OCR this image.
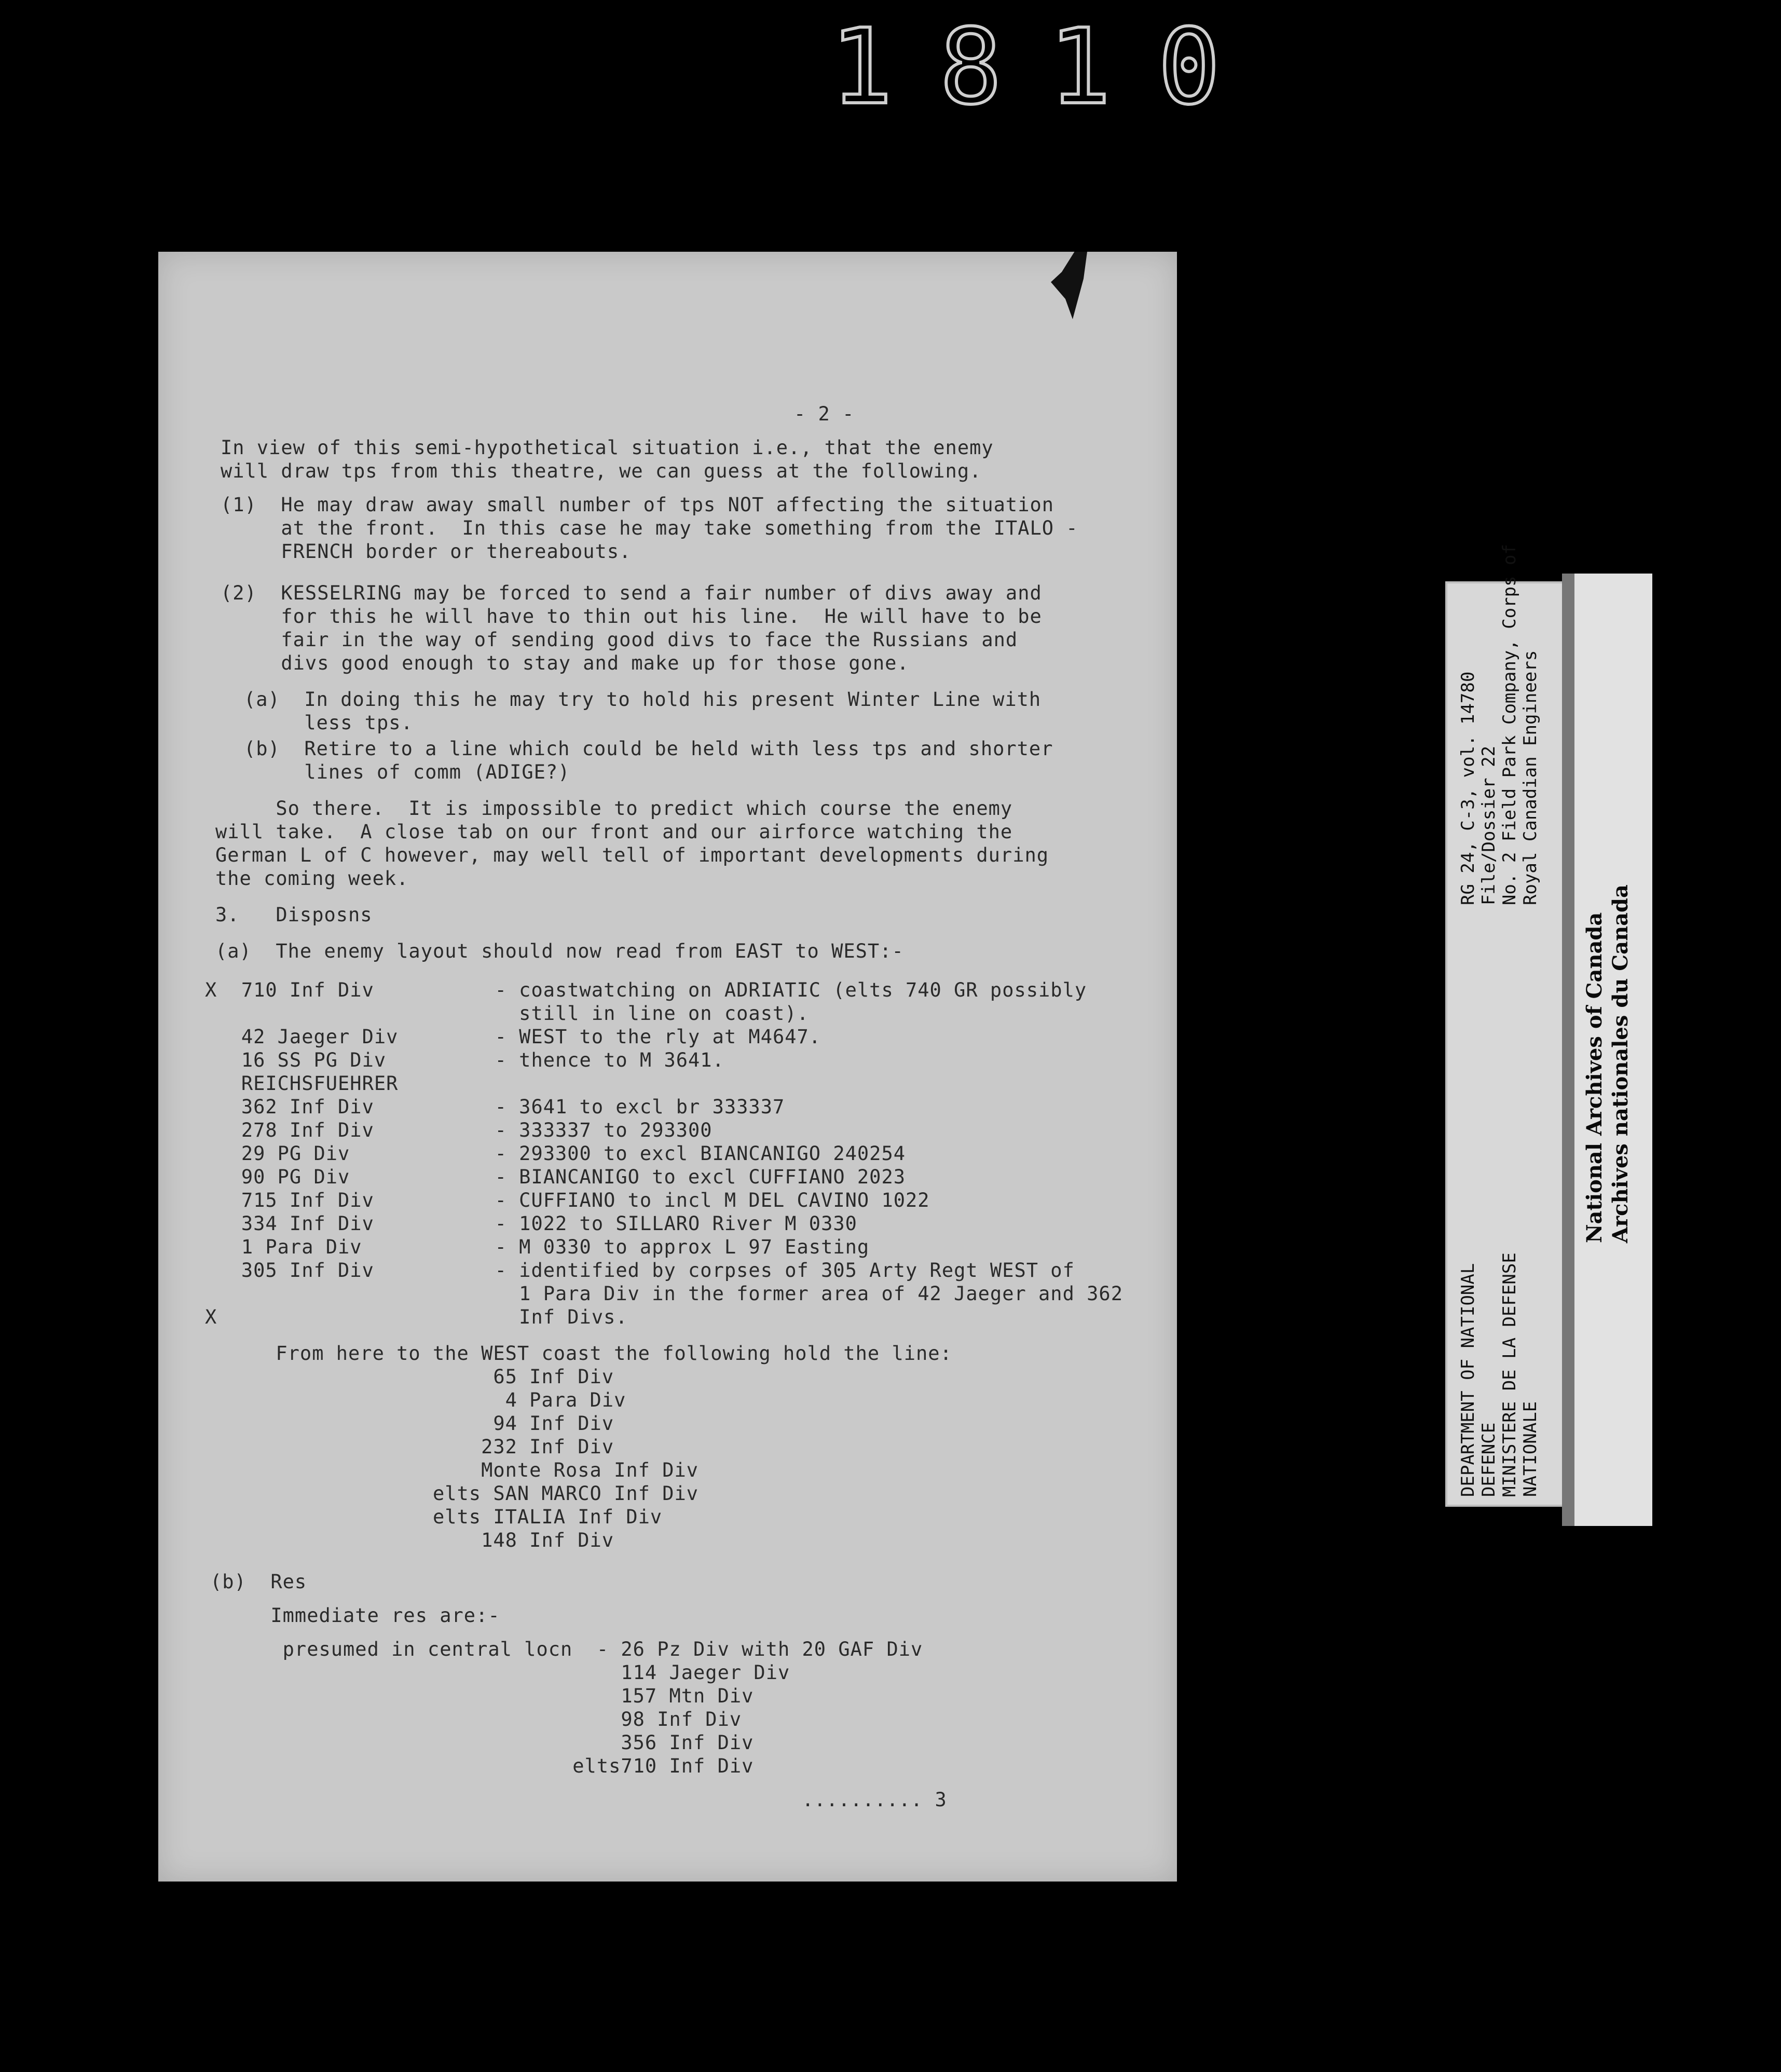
1810
- 2 -
In view of this semi-hypothetical situation i.e., that the enemy
will draw tps from this theatre, we can guess at the following.
(1)  He may draw away small number of tps NOT affecting the situation
at the front.  In this case he may take something from the ITALO -
FRENCH border or thereabouts.
(2)  KESSELRING may be forced to send a fair number of divs away and
for this he will have to thin out his line.  He will have to be
fair in the way of sending good divs to face the Russians and
divs good enough to stay and make up for those gone.
(a)  In doing this he may try to hold his present Winter Line with
less tps.
(b)  Retire to a line which could be held with less tps and shorter
lines of comm (ADIGE?)
So there.  It is impossible to predict which course the enemy
will take.  A close tab on our front and our airforce watching the
German L of C however, may well tell of important developments during
the coming week.
3.   Disposns
(a)  The enemy layout should now read from EAST to WEST:-
X  710 Inf Div          - coastwatching on ADRIATIC (elts 740 GR possibly
still in line on coast).
42 Jaeger Div        - WEST to the rly at M4647.
16 SS PG Div         - thence to M 3641.
REICHSFUEHRER
362 Inf Div          - 3641 to excl br 333337
278 Inf Div          - 333337 to 293300
29 PG Div            - 293300 to excl BIANCANIGO 240254
90 PG Div            - BIANCANIGO to excl CUFFIANO 2023
715 Inf Div          - CUFFIANO to incl M DEL CAVINO 1022
334 Inf Div          - 1022 to SILLARO River M 0330
1 Para Div           - M 0330 to approx L 97 Easting
305 Inf Div          - identified by corpses of 305 Arty Regt WEST of
1 Para Div in the former area of 42 Jaeger and 362
X                         Inf Divs.
From here to the WEST coast the following hold the line:
65 Inf Div
4 Para Div
94 Inf Div
232 Inf Div
Monte Rosa Inf Div
elts SAN MARCO Inf Div
elts ITALIA Inf Div
148 Inf Div
(b)  Res
Immediate res are:-
presumed in central locn  - 26 Pz Div with 20 GAF Div
114 Jaeger Div
157 Mtn Div
98 Inf Div
356 Inf Div
elts710 Inf Div
.......... 3
DEPARTMENT OF NATIONAL DEFENCE MINISTERE DE LA DEFENSE NATIONALE
RG 24, C-3, vol. 14780 File/Dossier 22 No. 2 Field Park Company, Corps of Royal Canadian Engineers
National Archives of Canada Archives nationales du Canada
